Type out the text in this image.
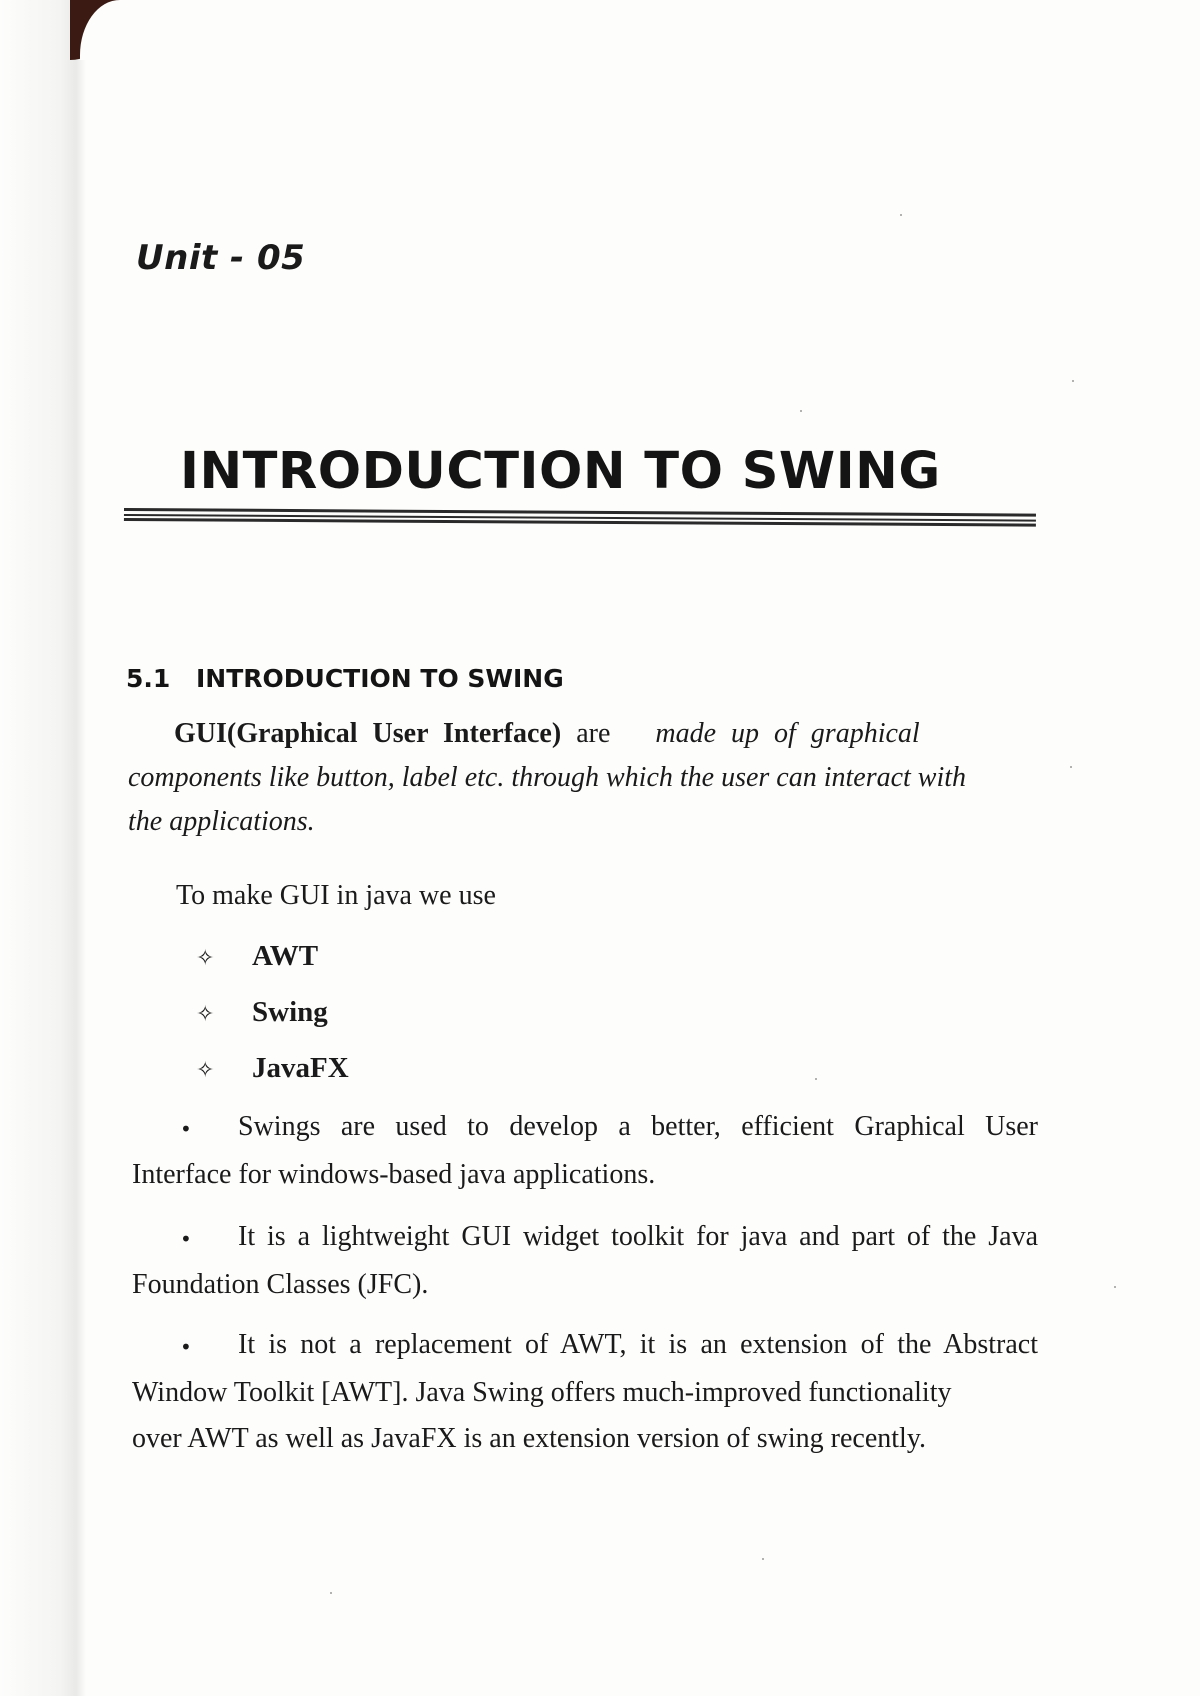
Unit - 05
INTRODUCTION TO SWING
5.1 INTRODUCTION TO SWING
GUI(Graphical User Interface) are made up of graphical
components like button, label etc. through which the user can interact with
the applications.
To make GUI in java we use
✧ AWT
✧ Swing
✧ JavaFX
• Swings are used to develop a better, efficient Graphical User
Interface for windows-based java applications.
• It is a lightweight GUI widget toolkit for java and part of the Java
Foundation Classes (JFC).
• It is not a replacement of AWT, it is an extension of the Abstract
Window Toolkit [AWT]. Java Swing offers much-improved functionality
over AWT as well as JavaFX is an extension version of swing recently.
